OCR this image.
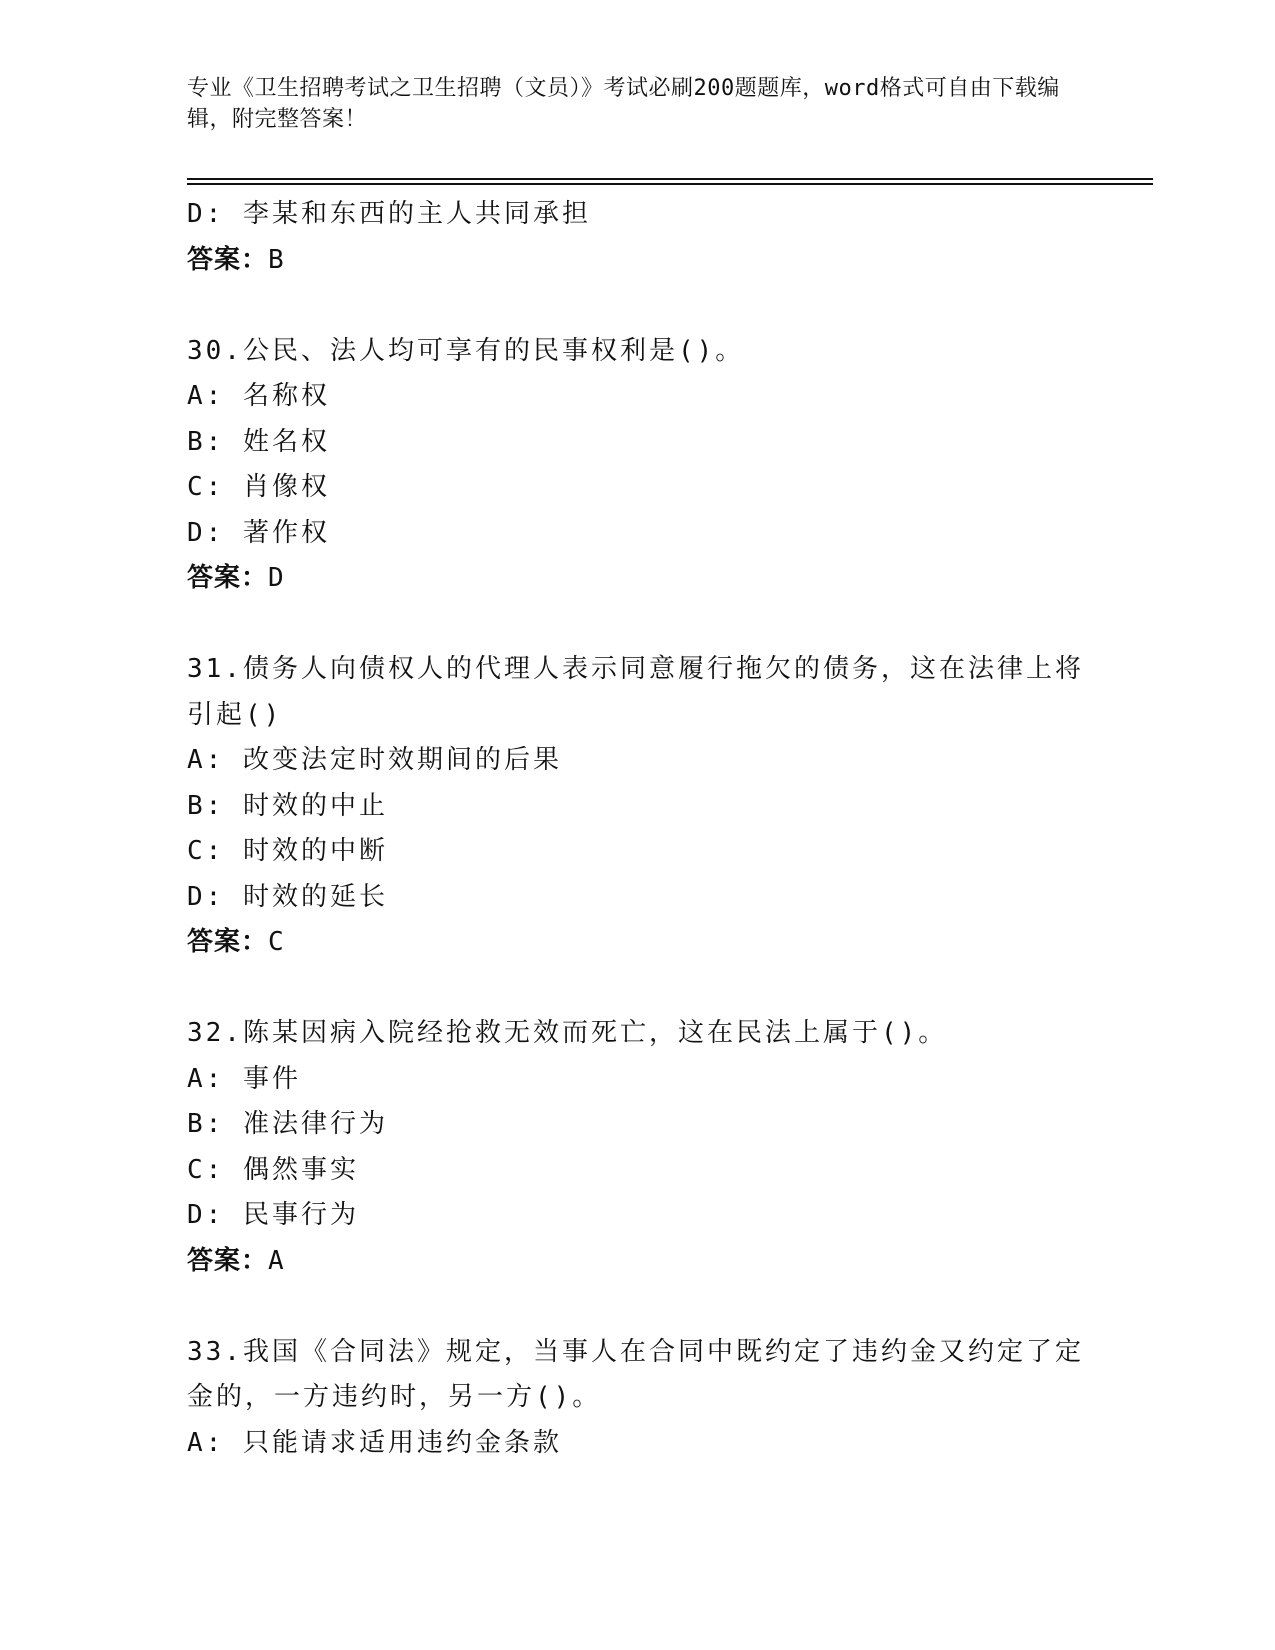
专业《卫生招聘考试之卫生招聘（文员）》考试必刷200题题库，word格式可自由下载编辑，附完整答案！
D: 李某和东西的主人共同承担
答案：B
30.公民、法人均可享有的民事权利是()。
A: 名称权
B: 姓名权
C: 肖像权
D: 著作权
答案：D
31.债务人向债权人的代理人表示同意履行拖欠的债务，这在法律上将引起()
A: 改变法定时效期间的后果
B: 时效的中止
C: 时效的中断
D: 时效的延长
答案：C
32.陈某因病入院经抢救无效而死亡，这在民法上属于()。
A: 事件
B: 准法律行为
C: 偶然事实
D: 民事行为
答案：A
33.我国《合同法》规定，当事人在合同中既约定了违约金又约定了定金的，一方违约时，另一方()。
A: 只能请求适用违约金条款
